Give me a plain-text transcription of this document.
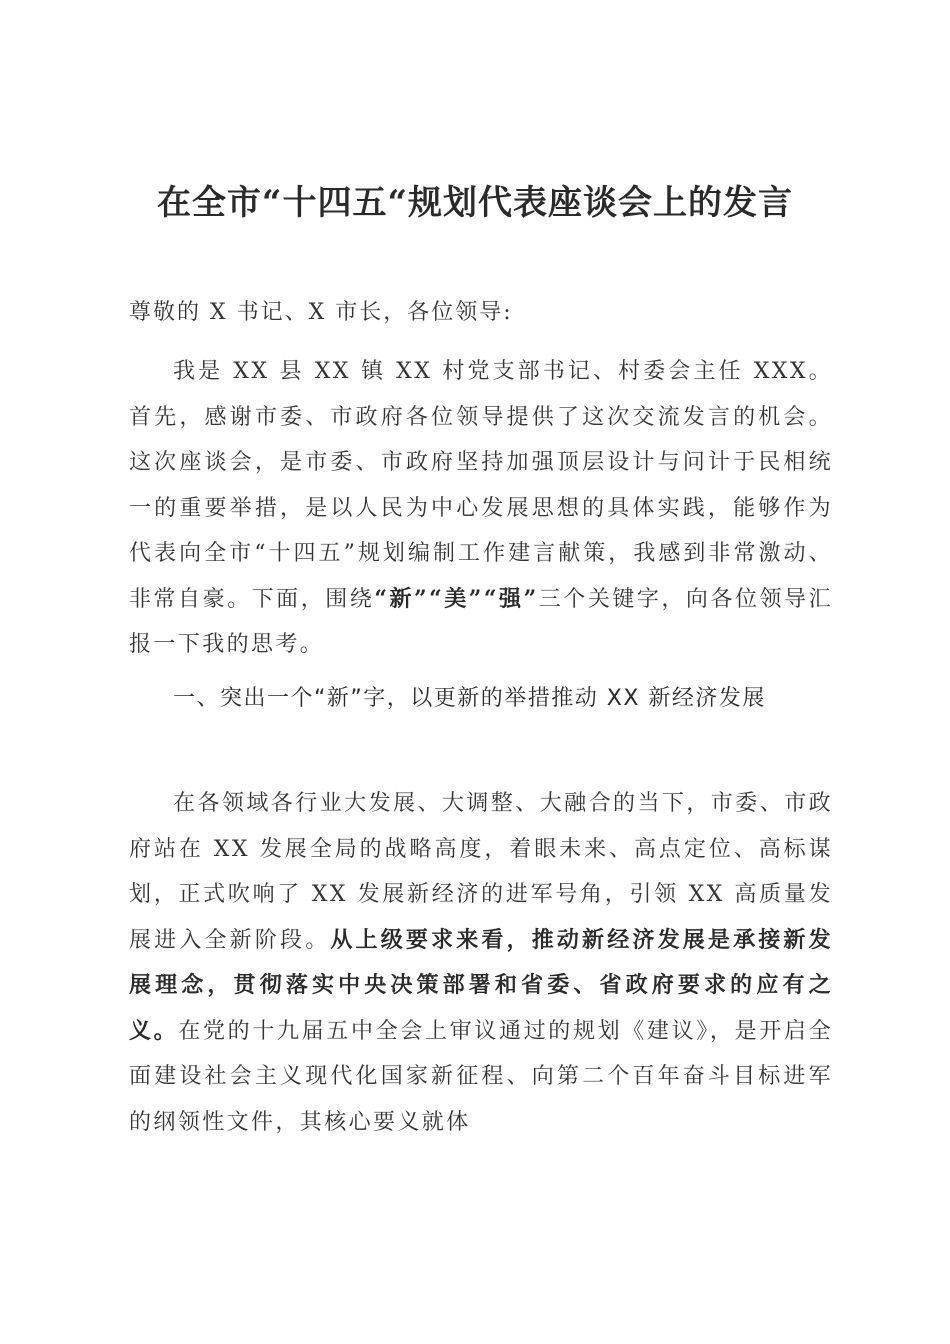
在全市“十四五“规划代表座谈会上的发言
尊敬的 X 书记、X 市长，各位领导:
我是 XX 县 XX 镇 XX 村党支部书记、村委会主任 XXX。首先，感谢市委、市政府各位领导提供了这次交流发言的机会。这次座谈会，是市委、市政府坚持加强顶层设计与问计于民相统一的重要举措，是以人民为中心发展思想的具体实践，能够作为代表向全市“十四五”规划编制工作建言献策，我感到非常激动、非常自豪。下面，围绕“新”“美”“强”三个关键字，向各位领导汇报一下我的思考。
一、突出一个“新”字，以更新的举措推动 XX 新经济发展
在各领域各行业大发展、大调整、大融合的当下，市委、市政府站在 XX 发展全局的战略高度，着眼未来、高点定位、高标谋划，正式吹响了 XX 发展新经济的进军号角，引领 XX 高质量发展进入全新阶段。从上级要求来看，推动新经济发展是承接新发展理念，贯彻落实中央决策部署和省委、省政府要求的应有之义。在党的十九届五中全会上审议通过的规划《建议》，是开启全面建设社会主义现代化国家新征程、向第二个百年奋斗目标进军的纲领性文件，其核心要义就体
